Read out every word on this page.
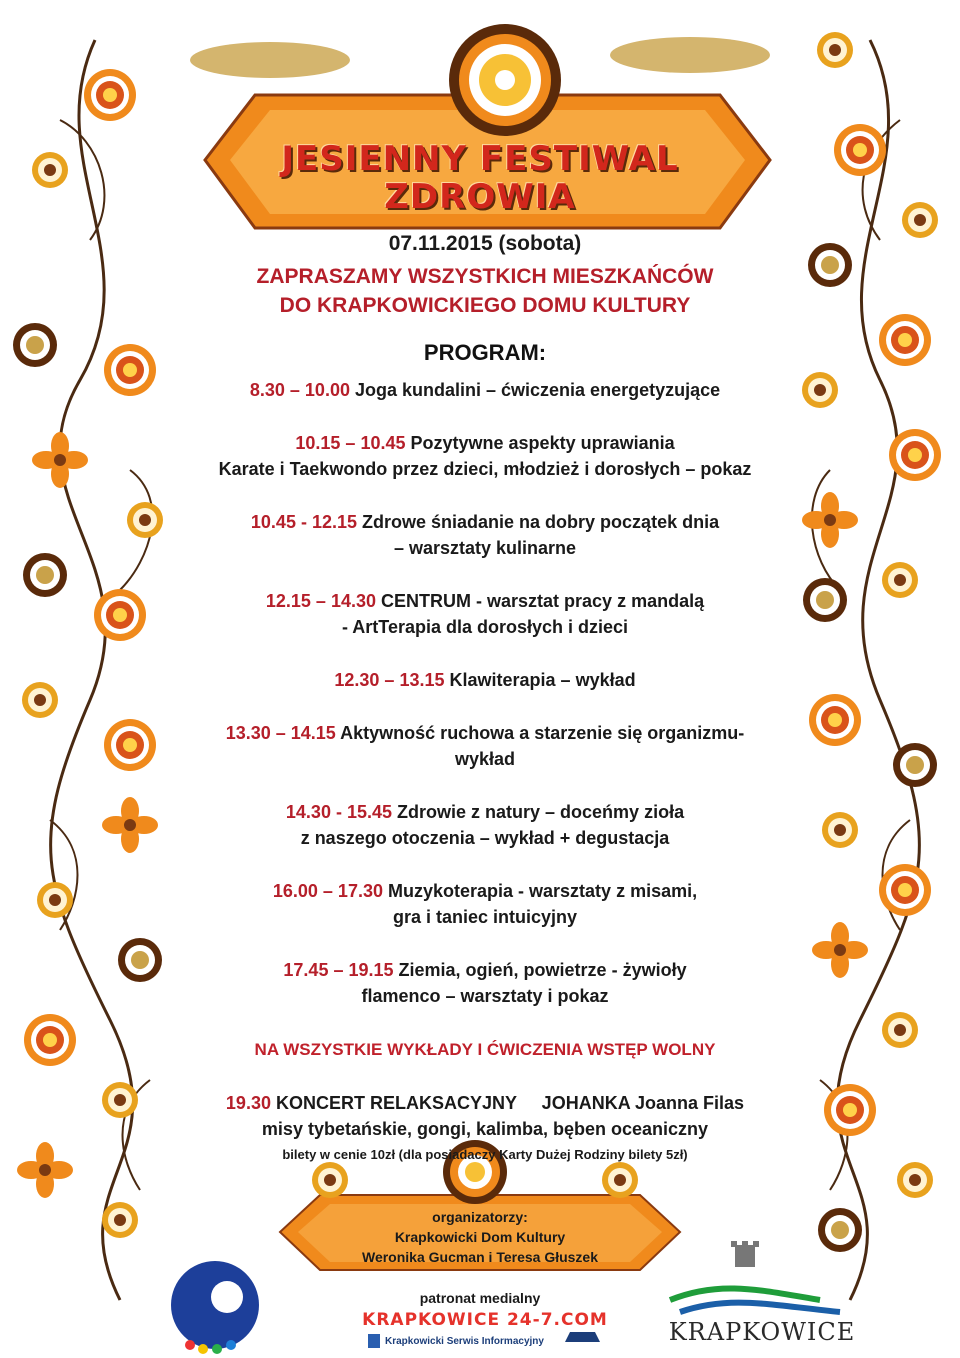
JESIENNY FESTIWAL
ZDROWIA
07.11.2015 (sobota)
ZAPRASZAMY WSZYSTKICH MIESZKAŃCÓW
DO KRAPKOWICKIEGO DOMU KULTURY
PROGRAM:
8.30 – 10.00 Joga kundalini – ćwiczenia energetyzujące
10.15 – 10.45 Pozytywne aspekty uprawiania
Karate i Taekwondo przez dzieci, młodzież i dorosłych – pokaz
10.45 - 12.15 Zdrowe śniadanie na dobry początek dnia
– warsztaty kulinarne
12.15 – 14.30 CENTRUM - warsztat pracy z mandalą
- ArtTerapia dla dorosłych i dzieci
12.30 – 13.15 Klawiterapia – wykład
13.30 – 14.15 Aktywność ruchowa a starzenie się organizmu-
wykład
14.30 - 15.45 Zdrowie z natury – doceńmy zioła
z naszego otoczenia – wykład + degustacja
16.00 – 17.30 Muzykoterapia - warsztaty z misami,
gra i taniec intuicyjny
17.45 – 19.15 Ziemia, ogień, powietrze - żywioły
flamenco – warsztaty i pokaz
NA WSZYSTKIE WYKŁADY I ĆWICZENIA WSTĘP WOLNY
19.30 KONCERT RELAKSACYJNY     JOHANKA Joanna Filas
misy tybetańskie, gongi, kalimba, bęben oceaniczny
bilety w cenie 10zł (dla posiadaczy Karty Dużej Rodziny bilety 5zł)
organizatorzy:
Krapkowicki Dom Kultury
Weronika Gucman i Teresa Głuszek
patronat medialny
KRAPKOWICE 24-7.COM
Krapkowicki Serwis Informacyjny	KRAPKOWICE
